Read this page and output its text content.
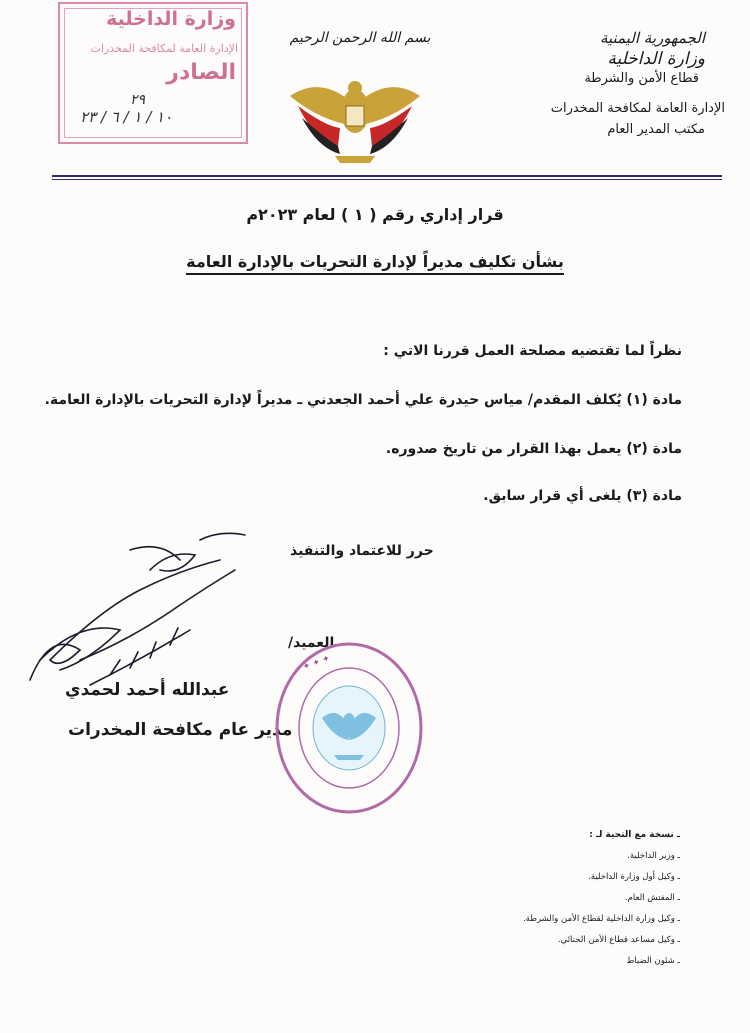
الجمهورية اليمنية
وزارة الداخلية
قطاع الأمن والشرطة
الإدارة العامة لمكافحة المخدرات
مكتب المدير العام
بسم الله الرحمن الرحيم
وزارة الداخلية
الإدارة العامة لمكافحة المخدرات
الصادر
٢٩
١٠ / ١ / ٦ / ٢٣
قرار إداري رقم ( ١ ) لعام ٢٠٢٣م
بشأن تكليف مديراً لإدارة التحريات بالإدارة العامة
نظراً لما تقتضيه مصلحة العمل قررنا الاتي :
مادة (١) يُكلف المقدم/ مياس حيدرة علي أحمد الجعدني ـ مديراً لإدارة التحريات بالإدارة العامة.
مادة (٢) يعمل بهذا القرار من تاريخ صدوره.
مادة (٣) يلغى أي قرار سابق.
حرر للاعتماد والتنفيذ
العميد/
عبدالله أحمد لحمدي
مدير عام مكافحة المخدرات
✦ ✦ ✦
ـ نسخة مع التحية لـ :
ـ وزير الداخلية.
ـ وكيل أول وزارة الداخلية.
ـ المفتش العام.
ـ وكيل وزارة الداخلية لقطاع الأمن والشرطة.
ـ وكيل مساعد قطاع الأمن الجنائي.
ـ شئون الضباط
